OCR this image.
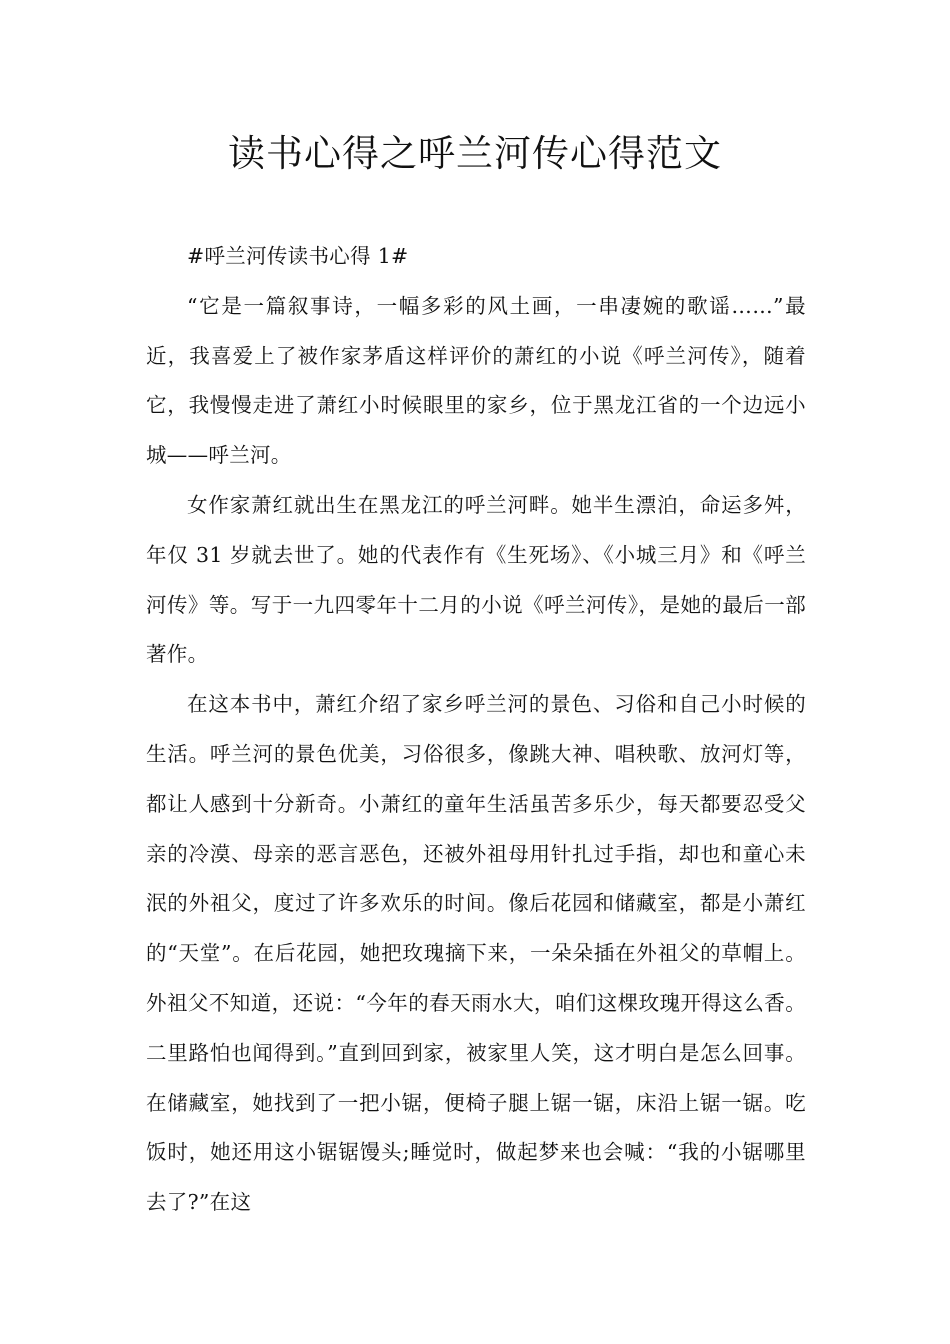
读书心得之呼兰河传心得范文

#呼兰河传读书心得 1#

“它是一篇叙事诗，一幅多彩的风土画，一串凄婉的歌谣……”最近，我喜爱上了被作家茅盾这样评价的萧红的小说《呼兰河传》，随着它，我慢慢走进了萧红小时候眼里的家乡，位于黑龙江省的一个边远小城——呼兰河。

女作家萧红就出生在黑龙江的呼兰河畔。她半生漂泊，命运多舛，年仅 31 岁就去世了。她的代表作有《生死场》、《小城三月》和《呼兰河传》等。写于一九四零年十二月的小说《呼兰河传》，是她的最后一部著作。

在这本书中，萧红介绍了家乡呼兰河的景色、习俗和自己小时候的生活。呼兰河的景色优美，习俗很多，像跳大神、唱秧歌、放河灯等，都让人感到十分新奇。小萧红的童年生活虽苦多乐少，每天都要忍受父亲的冷漠、母亲的恶言恶色，还被外祖母用针扎过手指，却也和童心未泯的外祖父，度过了许多欢乐的时间。像后花园和储藏室，都是小萧红的“天堂”。在后花园，她把玫瑰摘下来，一朵朵插在外祖父的草帽上。外祖父不知道，还说：“今年的春天雨水大，咱们这棵玫瑰开得这么香。二里路怕也闻得到。”直到回到家，被家里人笑，这才明白是怎么回事。在储藏室，她找到了一把小锯，便椅子腿上锯一锯，床沿上锯一锯。吃饭时，她还用这小锯锯馒头;睡觉时，做起梦来也会喊：“我的小锯哪里去了?”在这
